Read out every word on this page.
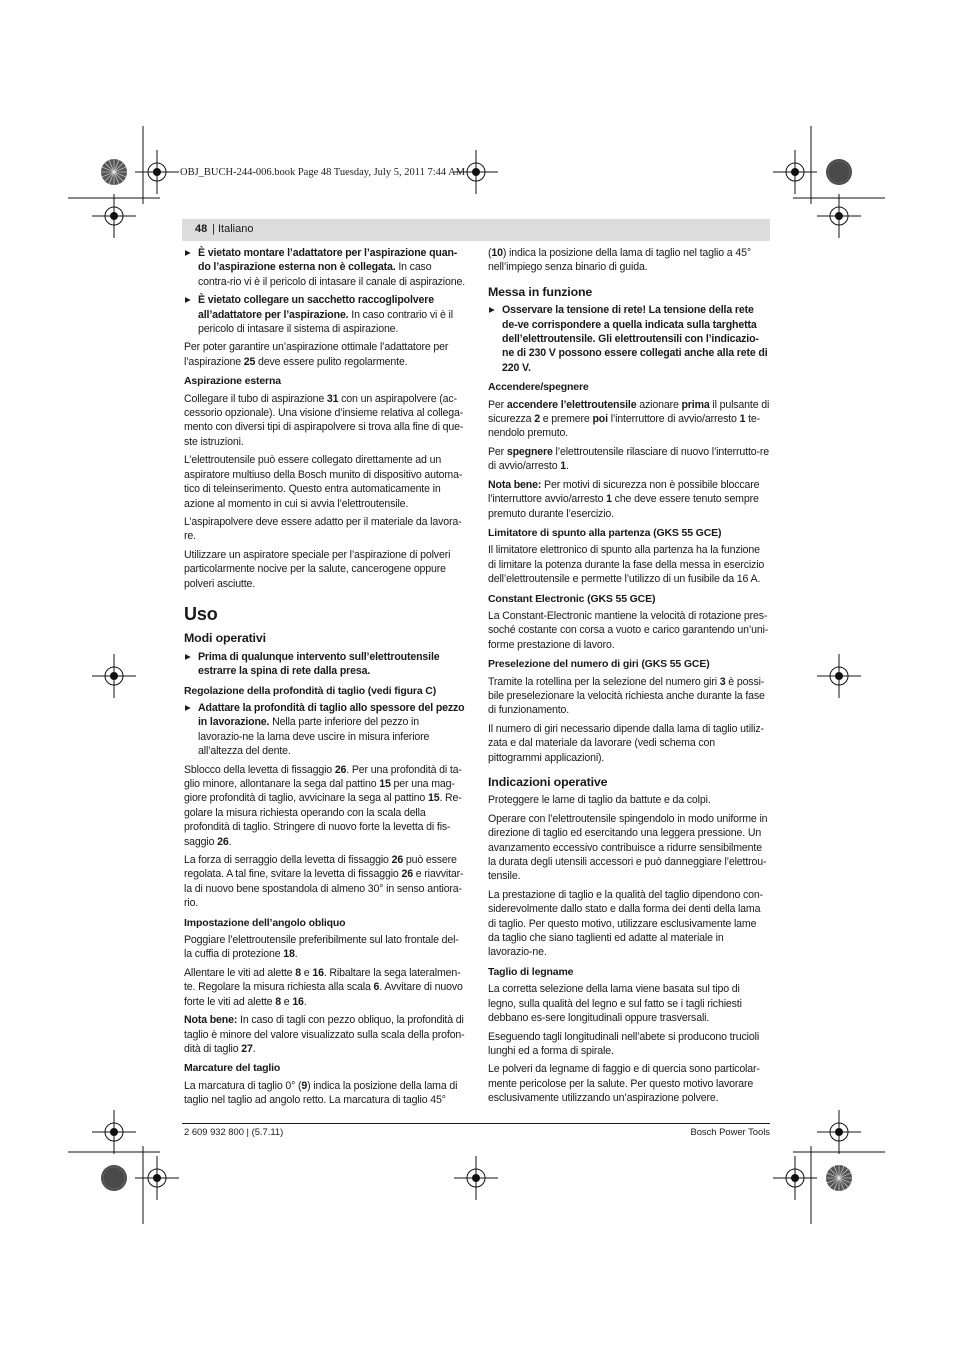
OBJ_BUCH-244-006.book Page 48 Tuesday, July 5, 2011 7:44 AM
48 | Italiano

▶ È vietato montare l’adattatore per l’aspirazione quan-do l’aspirazione esterna non è collegata. In caso contra-rio vi è il pericolo di intasare il canale di aspirazione.

▶ È vietato collegare un sacchetto raccoglipolvere all’adattatore per l’aspirazione. In caso contrario vi è il pericolo di intasare il sistema di aspirazione.

Per poter garantire un’aspirazione ottimale l’adattatore per l’aspirazione 25 deve essere pulito regolarmente.

Aspirazione esterna

Collegare il tubo di aspirazione 31 con un aspirapolvere (ac-cessorio opzionale). Una visione d’insieme relativa al collega-mento con diversi tipi di aspirapolvere si trova alla fine di que-ste istruzioni.

L’elettroutensile può essere collegato direttamente ad un aspiratore multiuso della Bosch munito di dispositivo automa-tico di teleinserimento. Questo entra automaticamente in azione al momento in cui si avvia l’elettroutensile.

L’aspirapolvere deve essere adatto per il materiale da lavora-re.

Utilizzare un aspiratore speciale per l’aspirazione di polveri particolarmente nocive per la salute, cancerogene oppure polveri asciutte.

Uso
Modi operativi

▶ Prima di qualunque intervento sull’elettroutensile estrarre la spina di rete dalla presa.

Regolazione della profondità di taglio (vedi figura C)

▶ Adattare la profondità di taglio allo spessore del pezzo in lavorazione. Nella parte inferiore del pezzo in lavorazio-ne la lama deve uscire in misura inferiore all’altezza del dente.

Sblocco della levetta di fissaggio 26. Per una profondità di ta-glio minore, allontanare la sega dal pattino 15 per una mag-giore profondità di taglio, avvicinare la sega al pattino 15. Re-golare la misura richiesta operando con la scala della profondità di taglio. Stringere di nuovo forte la levetta di fis-saggio 26.

La forza di serraggio della levetta di fissaggio 26 può essere regolata. A tal fine, svitare la levetta di fissaggio 26 e riavvitar-la di nuovo bene spostandola di almeno 30° in senso antiora-rio.

Impostazione dell’angolo obliquo

Poggiare l’elettroutensile preferibilmente sul lato frontale del-la cuffia di protezione 18.

Allentare le viti ad alette 8 e 16. Ribaltare la sega lateralmen-te. Regolare la misura richiesta alla scala 6. Avvitare di nuovo forte le viti ad alette 8 e 16.

Nota bene: In caso di tagli con pezzo obliquo, la profondità di taglio è minore del valore visualizzato sulla scala della profon-dità di taglio 27.

Marcature del taglio

La marcatura di taglio 0° (9) indica la posizione della lama di taglio nel taglio ad angolo retto. La marcatura di taglio 45°

(10) indica la posizione della lama di taglio nel taglio a 45° nell’impiego senza binario di guida.

Messa in funzione

▶ Osservare la tensione di rete! La tensione della rete de-ve corrispondere a quella indicata sulla targhetta dell’elettroutensile. Gli elettroutensili con l’indicazio-ne di 230 V possono essere collegati anche alla rete di 220 V.

Accendere/spegnere

Per accendere l’elettroutensile azionare prima il pulsante di sicurezza 2 e premere poi l’interruttore di avvio/arresto 1 te-nendolo premuto.

Per spegnere l’elettroutensile rilasciare di nuovo l’interrutto-re di avvio/arresto 1.

Nota bene: Per motivi di sicurezza non è possibile bloccare l’interruttore avvio/arresto 1 che deve essere tenuto sempre premuto durante l’esercizio.

Limitatore di spunto alla partenza (GKS 55 GCE)

Il limitatore elettronico di spunto alla partenza ha la funzione di limitare la potenza durante la fase della messa in esercizio dell’elettroutensile e permette l’utilizzo di un fusibile da 16 A.

Constant Electronic (GKS 55 GCE)

La Constant-Electronic mantiene la velocità di rotazione pres-soché costante con corsa a vuoto e carico garantendo un’uni-forme prestazione di lavoro.

Preselezione del numero di giri (GKS 55 GCE)

Tramite la rotellina per la selezione del numero giri 3 è possi-bile preselezionare la velocità richiesta anche durante la fase di funzionamento.

Il numero di giri necessario dipende dalla lama di taglio utiliz-zata e dal materiale da lavorare (vedi schema con pittogrammi applicazioni).

Indicazioni operative

Proteggere le lame di taglio da battute e da colpi.

Operare con l’elettroutensile spingendolo in modo uniforme in direzione di taglio ed esercitando una leggera pressione. Un avanzamento eccessivo contribuisce a ridurre sensibilmente la durata degli utensili accessori e può danneggiare l’elettrou-tensile.

La prestazione di taglio e la qualità del taglio dipendono con-siderevolmente dallo stato e dalla forma dei denti della lama di taglio. Per questo motivo, utilizzare esclusivamente lame da taglio che siano taglienti ed adatte al materiale in lavorazio-ne.

Taglio di legname

La corretta selezione della lama viene basata sul tipo di legno, sulla qualità del legno e sul fatto se i tagli richiesti debbano es-sere longitudinali oppure trasversali.

Eseguendo tagli longitudinali nell’abete si producono trucioli lunghi ed a forma di spirale.

Le polveri da legname di faggio e di quercia sono particolar-mente pericolose per la salute. Per questo motivo lavorare esclusivamente utilizzando un’aspirazione polvere.

2 609 932 800 | (5.7.11)	Bosch Power Tools
